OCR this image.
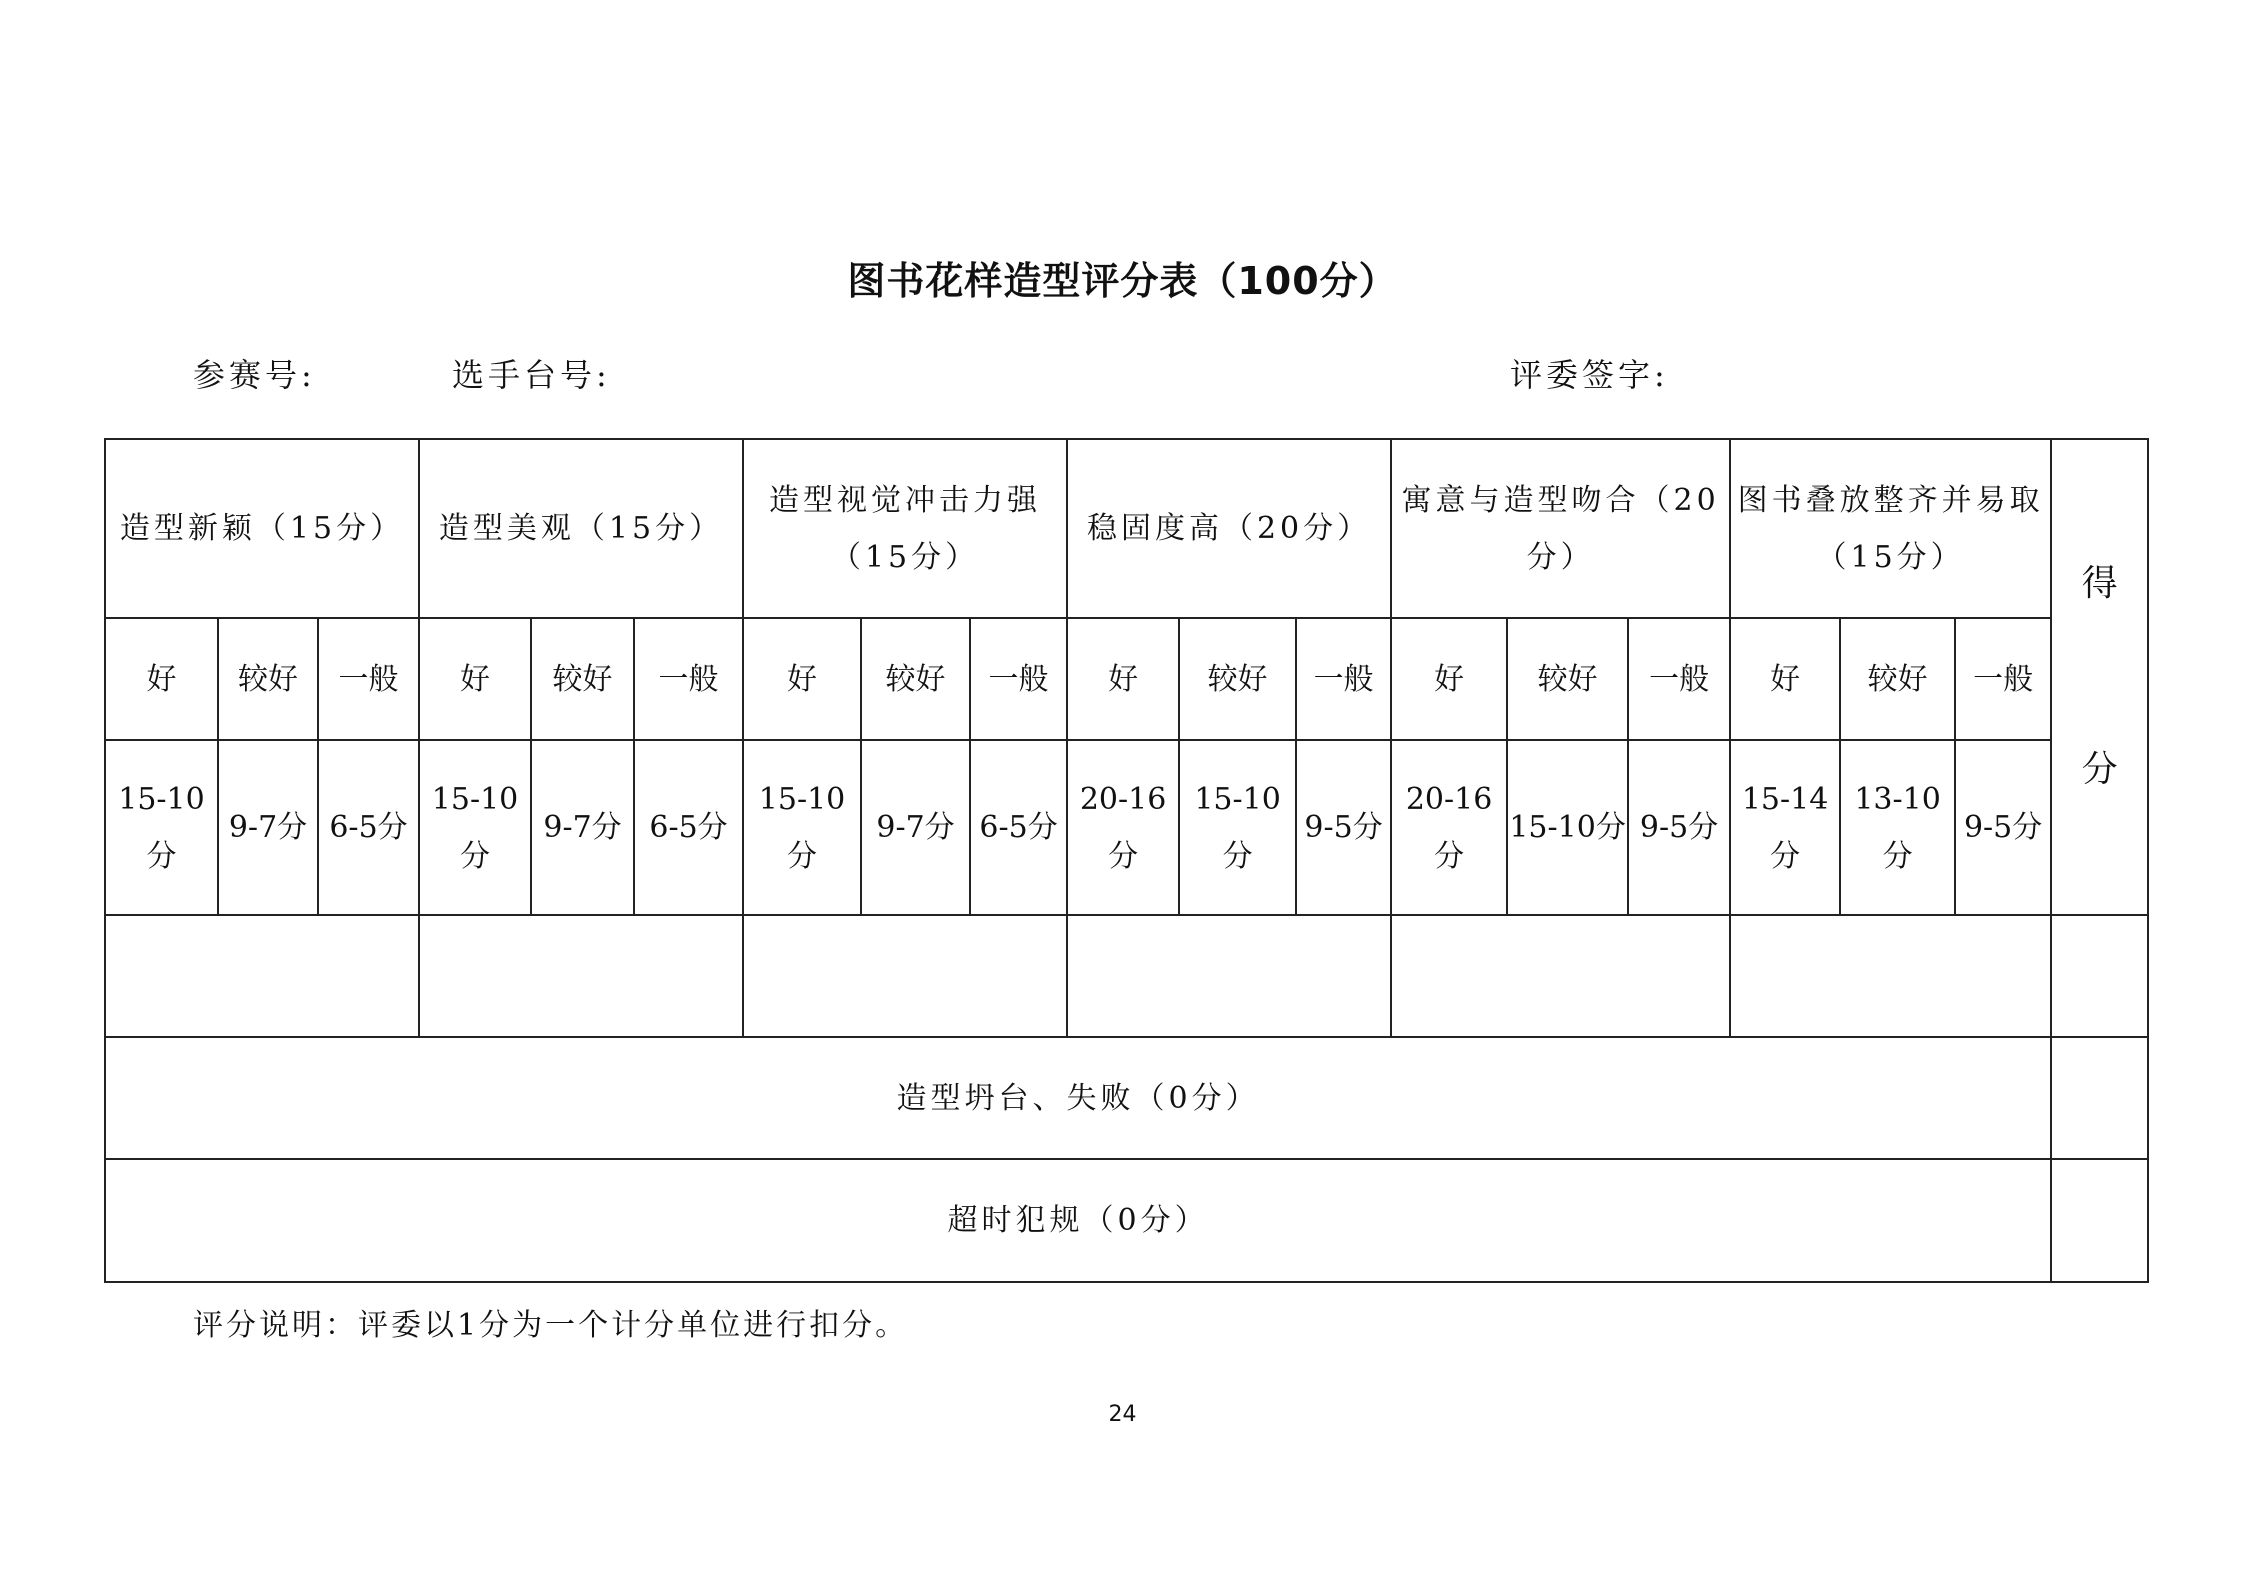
图书花样造型评分表（100分）
参赛号:	选手台号:	评委签字:
造型新颖（15分）			造型美观（15分）			造型视觉冲击力强（15分）			稳固度高（20分）			寓意与造型吻合（20分）			图书叠放整齐并易取（15分）			得
分

好	较好	一般	好	较好	一般	好	较好	一般	好	较好	一般	好	较好	一般	好	较好	一般	
15-10分	9-7分	6-5分	15-10分	9-7分	6-5分	15-10分	9-7分	6-5分	20-16分	15-10分	9-5分	20-16分	15-10分	9-5分	15-14分	13-10分	9-5分	

造型坍台、失败（0分）																		
超时犯规（0分）																		
评分说明：评委以1分为一个计分单位进行扣分。
24
